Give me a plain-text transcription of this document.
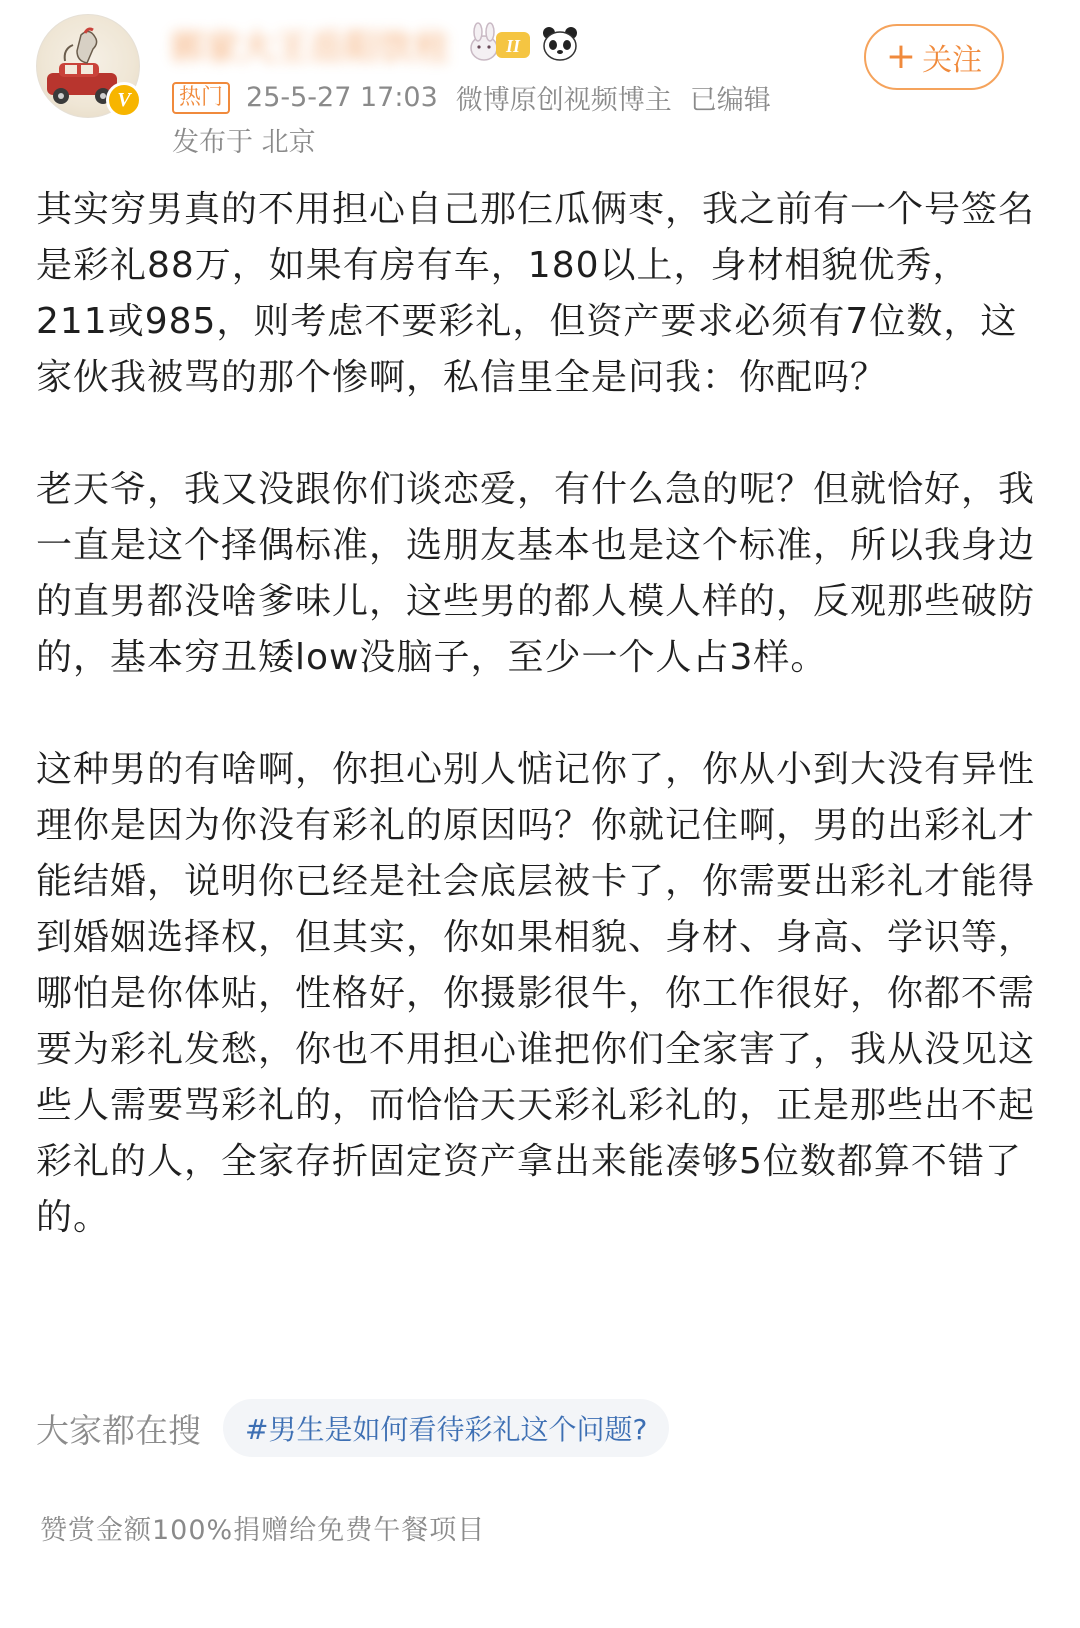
V
郭家大王岳阳饮柱	II
热门 25-5-27 17:03 微博原创视频博主 已编辑
发布于 北京
+ 关注

其实穷男真的不用担心自己那仨瓜俩枣，我之前有一个号签名是彩礼88万，如果有房有车，180以上，身材相貌优秀，211或985，则考虑不要彩礼，但资产要求必须有7位数，这家伙我被骂的那个惨啊，私信里全是问我：你配吗？

老天爷，我又没跟你们谈恋爱，有什么急的呢？但就恰好，我一直是这个择偶标准，选朋友基本也是这个标准，所以我身边的直男都没啥爹味儿，这些男的都人模人样的，反观那些破防的，基本穷丑矮low没脑子，至少一个人占3样。

这种男的有啥啊，你担心别人惦记你了，你从小到大没有异性理你是因为你没有彩礼的原因吗？你就记住啊，男的出彩礼才能结婚，说明你已经是社会底层被卡了，你需要出彩礼才能得到婚姻选择权，但其实，你如果相貌、身材、身高、学识等，哪怕是你体贴，性格好，你摄影很牛，你工作很好，你都不需要为彩礼发愁，你也不用担心谁把你们全家害了，我从没见这些人需要骂彩礼的，而恰恰天天彩礼彩礼的，正是那些出不起彩礼的人，全家存折固定资产拿出来能凑够5位数都算不错了的。

大家都在搜	#男生是如何看待彩礼这个问题?
赞赏金额100%捐赠给免费午餐项目
